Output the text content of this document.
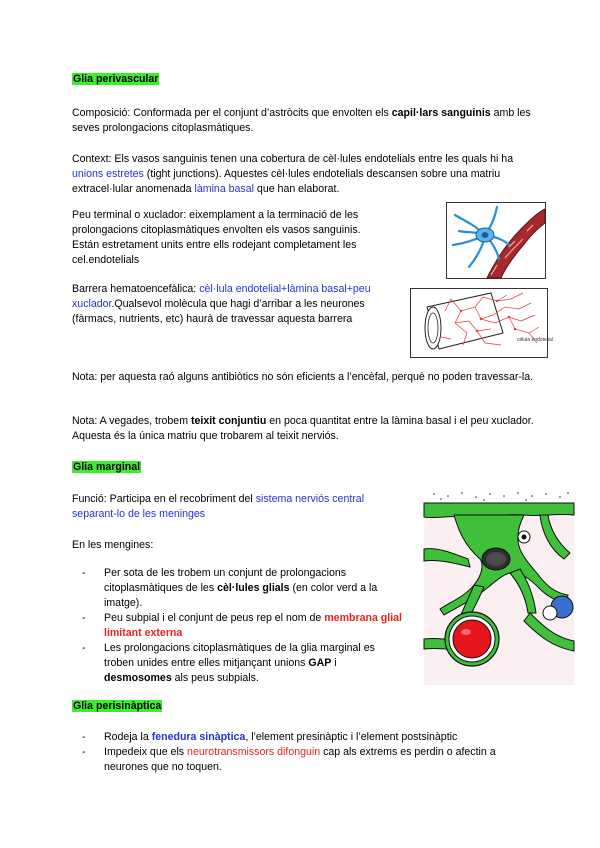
Glia perivascular

Composició: Conformada per el conjunt d’astròcits que envolten els capil·lars sanguinis amb les seves prolongacions citoplasmàtiques.

Context: Els vasos sanguinis tenen una cobertura de cèl·lules endotelials entre les quals hi ha unions estretes (tight junctions). Aquestes cèl·lules endotelials descansen sobre una matriu extracel·lular anomenada làmina basal que han elaborat.

Peu terminal o xuclador: eixemplament a la terminació de les prolongacions citoplasmàtiques envolten els vasos sanguinis. Están estretament units entre ells rodejant completament les cel.endotelials

Barrera hematoencefàlica: cèl·lula endotelial+làmina basal+peu xuclador.Qualsevol molècula que hagi d’arribar a les neurones (fàrmacs, nutrients, etc) haurà de travessar aquesta barrera

célula endotelial

Nota: per aquesta raó alguns antibiòtics no són eficients a l’encèfal, perquè no poden travessar-la.

Nota: A vegades, trobem teixit conjuntiu en poca quantitat entre la làmina basal i el peu xuclador. Aquesta és la única matriu que trobarem al teixit nerviós.

Glia marginal

Funció: Participa en el recobriment del sistema nerviós central separant-lo de les meninges

En les mengines:

- Per sota de les trobem un conjunt de prolongacions citoplasmàtiques de les cèl·lules glials (en color verd a la imatge).
- Peu subpial i el conjunt de peus rep el nom de membrana glial limitant externa
- Les prolongacions citoplasmàtiques de la glia marginal es troben unides entre elles mitjançant unions GAP i desmosomes als peus subpials.
Glia perisinàptica
- Rodeja la fenedura sinàptica, l’element presinàptic i l’element postsinàptic
- Impedeix que els neurotransmissors difonguin cap als extrems es perdin o afectin a neurones que no toquen.
